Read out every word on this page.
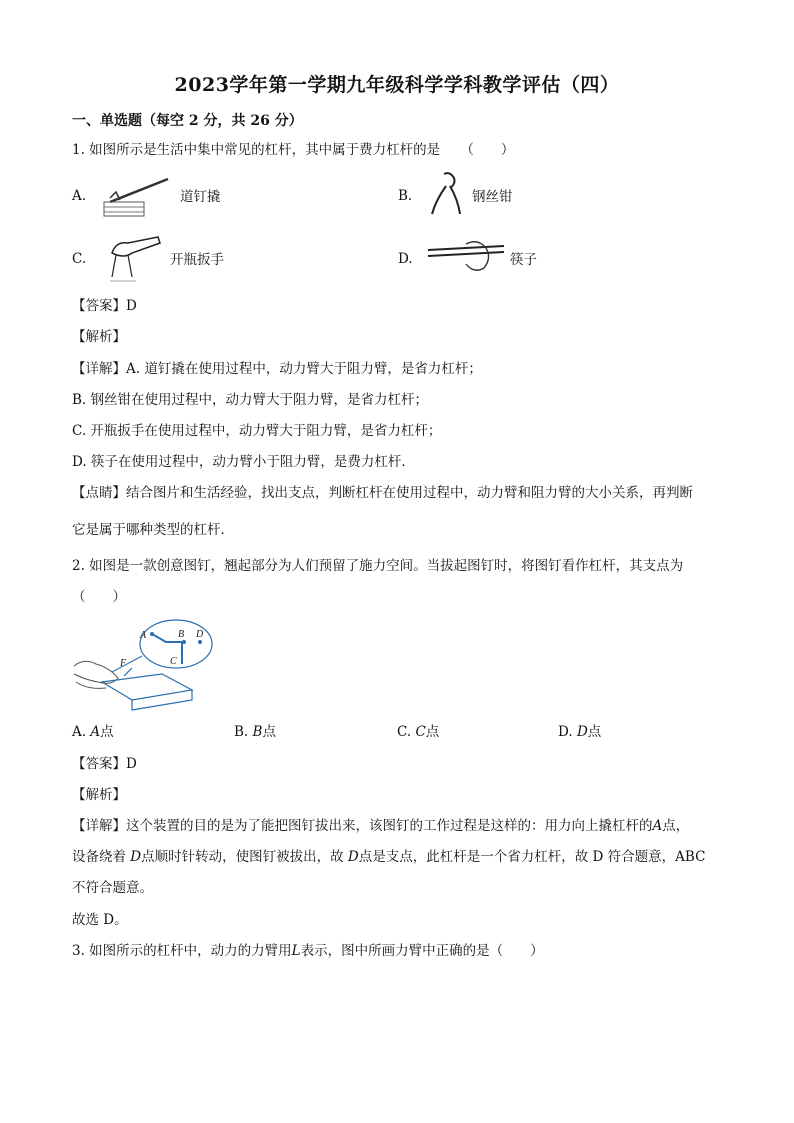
2023学年第一学期九年级科学学科教学评估（四）
一、单选题（每空 2 分，共 26 分）
1. 如图所示是生活中集中常见的杠杆，其中属于费力杠杆的是　　（　　）
A.	道钉撬	B.	钢丝钳
C.	开瓶扳手	D.	筷子
【答案】D
【解析】
【详解】A. 道钉撬在使用过程中，动力臂大于阻力臂，是省力杠杆；
B. 钢丝钳在使用过程中，动力臂大于阻力臂，是省力杠杆；
C. 开瓶扳手在使用过程中，动力臂大于阻力臂，是省力杠杆；
D. 筷子在使用过程中，动力臂小于阻力臂，是费力杠杆．
【点睛】结合图片和生活经验，找出支点，判断杠杆在使用过程中，动力臂和阻力臂的大小关系，再判断
它是属于哪种类型的杠杆．
2. 如图是一款创意图钉，翘起部分为人们预留了施力空间。当拔起图钉时，将图钉看作杠杆，其支点为
（　　）
A	B D
C
F
A. A点	B. B点	C. C点	D. D点
【答案】D
【解析】
【详解】这个装置的目的是为了能把图钉拔出来，该图钉的工作过程是这样的：用力向上撬杠杆的A点，
设备绕着 D点顺时针转动，使图钉被拔出，故 D点是支点，此杠杆是一个省力杠杆，故 D 符合题意，ABC
不符合题意。
故选 D。
3. 如图所示的杠杆中，动力的力臂用L表示，图中所画力臂中正确的是（　　）
